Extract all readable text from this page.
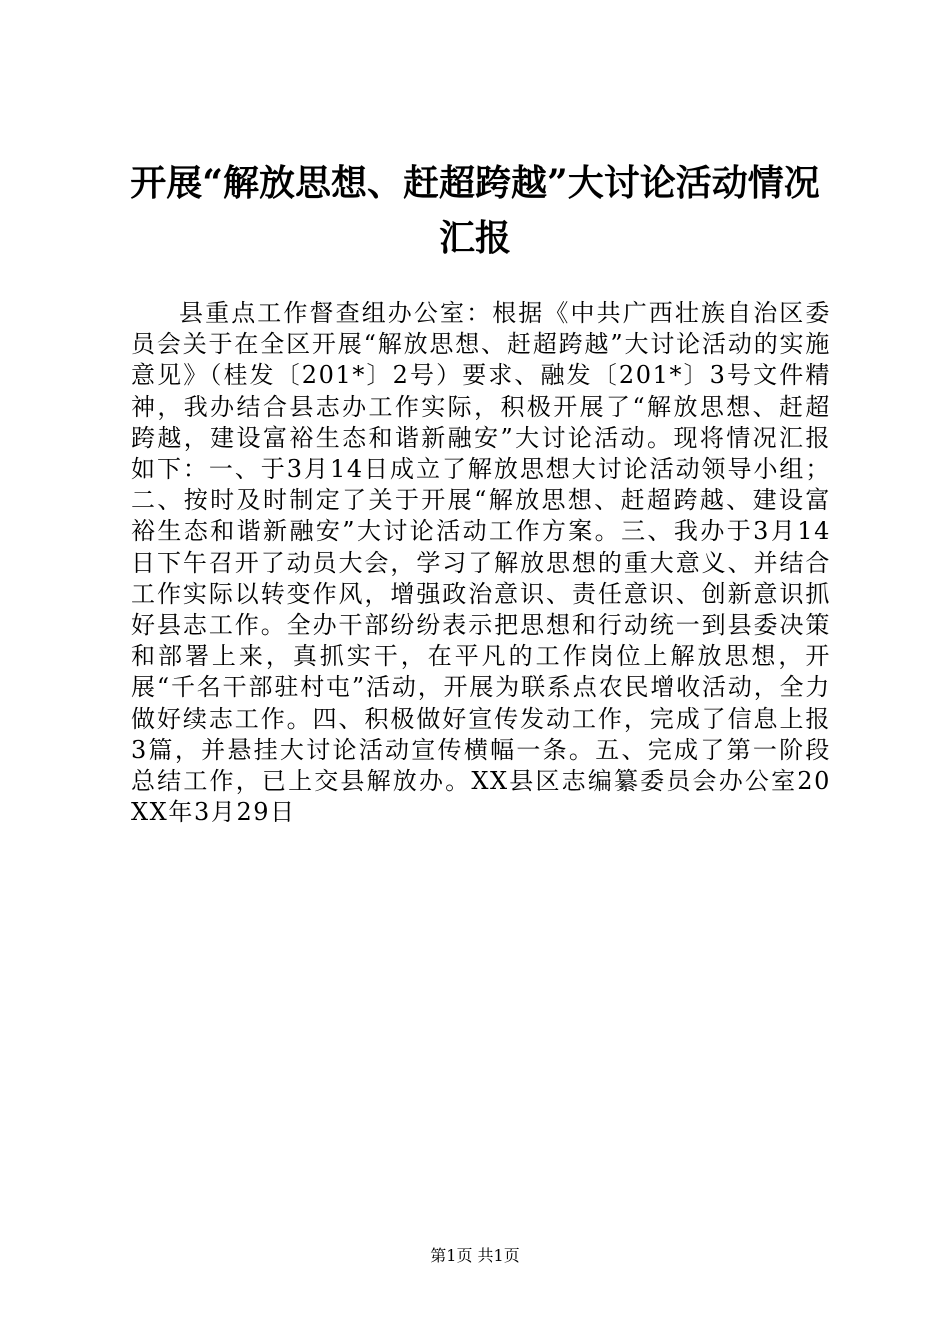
开展“解放思想、赶超跨越”大讨论活动情况
汇报

县重点工作督查组办公室：根据《中共广西壮族自治区委员会关于在全区开展“解放思想、赶超跨越”大讨论活动的实施意见》（桂发〔201*〕2号）要求、融发〔201*〕3号文件精神，我办结合县志办工作实际，积极开展了“解放思想、赶超跨越，建设富裕生态和谐新融安”大讨论活动。现将情况汇报如下：一、于3月14日成立了解放思想大讨论活动领导小组；二、按时及时制定了关于开展“解放思想、赶超跨越、建设富裕生态和谐新融安”大讨论活动工作方案。三、我办于3月14日下午召开了动员大会，学习了解放思想的重大意义、并结合工作实际以转变作风，增强政治意识、责任意识、创新意识抓好县志工作。全办干部纷纷表示把思想和行动统一到县委决策和部署上来，真抓实干，在平凡的工作岗位上解放思想，开展“千名干部驻村屯”活动，开展为联系点农民增收活动，全力做好续志工作。四、积极做好宣传发动工作，完成了信息上报3篇，并悬挂大讨论活动宣传横幅一条。五、完成了第一阶段总结工作，已上交县解放办。XX县区志编纂委员会办公室20XX年3月29日

第1页 共1页
